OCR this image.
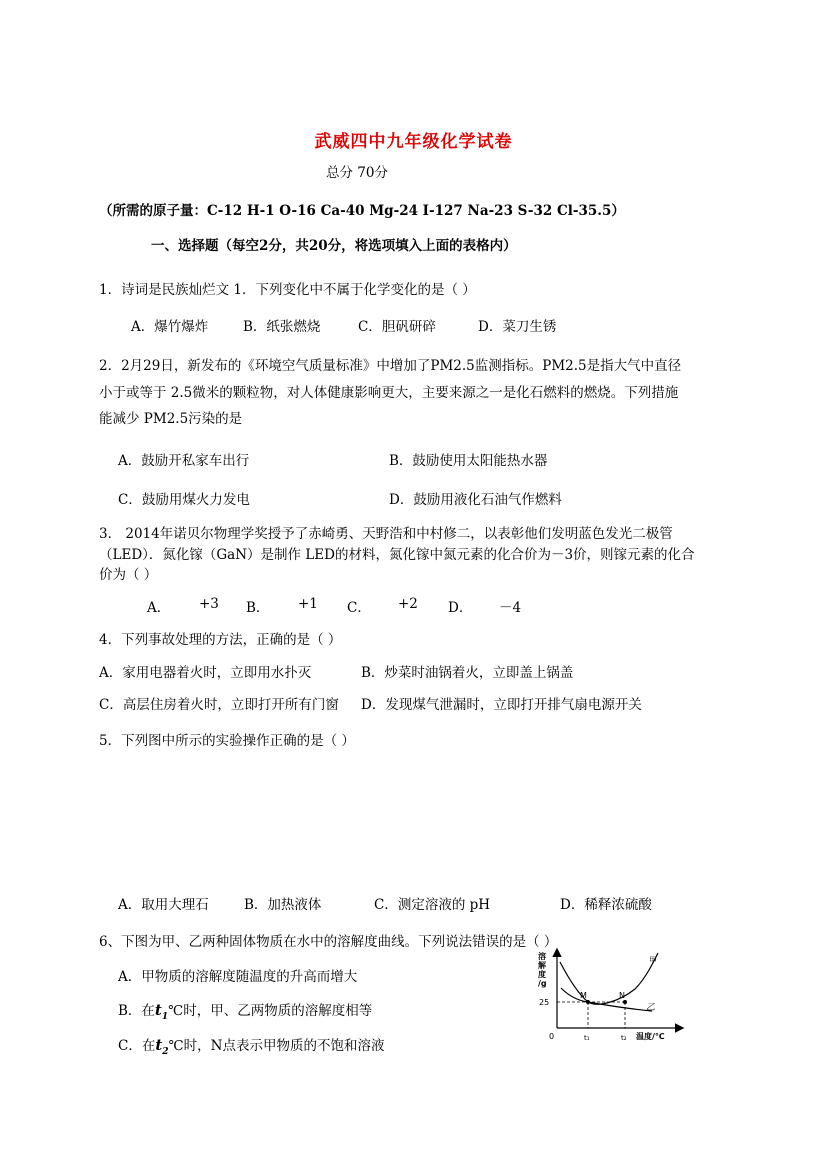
武威四中九年级化学试卷
总分 70分
（所需的原子量：C-12 H-1 O-16 Ca-40 Mg-24 I-127 Na-23 S-32 Cl-35.5）
一、选择题（每空2分，共20分，将选项填入上面的表格内）
1．诗词是民族灿烂文 1．下列变化中不属于化学变化的是（ ）
A．爆竹爆炸	B．纸张燃烧	C．胆矾研碎	D．菜刀生锈
2．2月29日，新发布的《环境空气质量标准》中增加了PM2.5监测指标。PM2.5是指大气中直径
小于或等于 2.5微米的颗粒物，对人体健康影响更大，主要来源之一是化石燃料的燃烧。下列措施
能减少 PM2.5污染的是
A．鼓励开私家车出行	B．鼓励使用太阳能热水器
C．鼓励用煤火力发电	D．鼓励用液化石油气作燃料
3． 2014年诺贝尔物理学奖授予了赤崎勇、天野浩和中村修二，以表彰他们发明蓝色发光二极管
（LED）．氮化镓（GaN）是制作 LED的材料，氮化镓中氮元素的化合价为－3价，则镓元素的化合
价为（ ）
A． +3 B． +1 C． +2 D． －4
4．下列事故处理的方法，正确的是（ ）
A．家用电器着火时，立即用水扑灭	B．炒菜时油锅着火，立即盖上锅盖
C．高层住房着火时，立即打开所有门窗 D．发现煤气泄漏时，立即打开排气扇电源开关
5．下列图中所示的实验操作正确的是（ ）
A．取用大理石	B．加热液体	C．测定溶液的 pH	D．稀释浓硫酸
6、下图为甲、乙两种固体物质在水中的溶解度曲线。下列说法错误的是（ ）
A．甲物质的溶解度随温度的升高而增大
B．在$t_1℃$时，甲、乙两物质的溶解度相等
C．在$t_2℃$时，N点表示甲物质的不饱和溶液
溶
解
度
/g
25
0	t₁	t₂ 温度/℃
M	N
甲
乙
